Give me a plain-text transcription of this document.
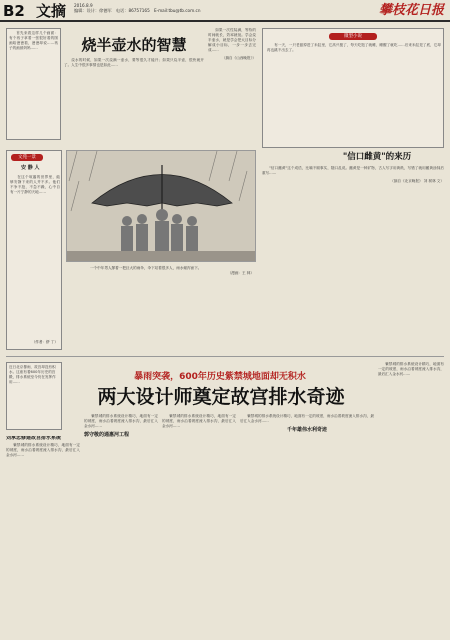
B2 文摘 2016.8.9
编辑：设计：徐德军　电话：86757165　E-mail:tbu@tb.com.cn	攀枝花日报

首先来看这样几个画面：有个孩子拿着一张很好看的图画给爸爸看，爸爸却说……孩子的画被妈妈……	烧半壶水的智慧

烧水的时候，如果一次烧满一壶水，要等很久才能开；如果只烧半壶，很快就开了。人生中很多事情也是如此……

如果一次性装满，等待的时间就长，效率就低。学会烧半壶水，就是学会把大目标分解成小目标，一步一步去完成……

（摘自《山西晚报》）
微型小说

有一天，一只老鼠掉进了米缸里，它高兴极了，每天吃饱了就睡，睡醒了就吃……后来米缸见了底，它却再也跳不出去了。

文苑一景
安 静 人

在这个喧嚣的世界里，能够安静下来的人并不多。他们不争不抢，不急不躁，心中自有一片宁静的天地……

（作者：舒 丁）
一个中年男人撑着一把巨大的雨伞，伞下站着很多人，雨水倾泻而下。
（漫画：王 林）
"信口雌黄"的来历

"信口雌黄"这个成语，比喻不顾事实，随口乱说。雌黄是一种矿物，古人写字用黄纸，写错了就用雌黄涂抹后重写……

（摘自《北京晚报》 刘 树林 文）

近日北京暴雨，故宫却没有积水。这座有着600年历史的宫殿，排水系统至今仍在发挥作用……	暴雨突袭，600年历史紫禁城地面却无积水
两大设计师奠定故宫排水奇迹

紫禁城的排水系统设计精巧，地面有一定的坡度，雨水沿着坡度流入排水沟，最后汇入金水河……

刘承忠修建故宫排水系统

紫禁城的排水系统设计精巧，地面有一定的坡度，雨水沿着坡度流入排水沟，最后汇入金水河……

紫禁城的排水系统设计精巧，地面有一定的坡度，雨水沿着坡度流入排水沟，最后汇入金水河……

郭守敬的通惠河工程

紫禁城的排水系统设计精巧，地面有一定的坡度，雨水沿着坡度流入排水沟，最后汇入金水河……

紫禁城的排水系统设计精巧，地面有一定的坡度，雨水沿着坡度流入排水沟，最后汇入金水河……

千年雄伟水利奇迹
